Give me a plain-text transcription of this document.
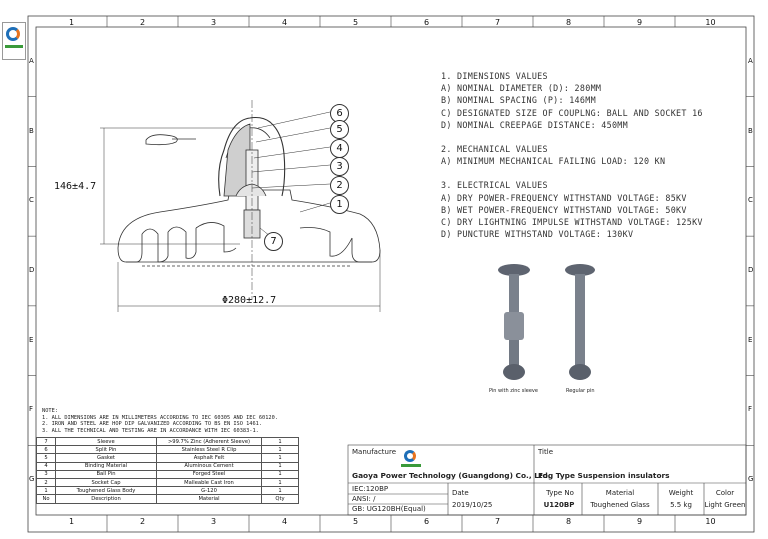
1
1
2
2
3
3
4
4
5
5
6
6
7
7
8
8
9
9
10
10
A	A
B	B
C	C
D	D
E	E
F	F
G	G
6
5
4
3
2
1
7
146±4.7
Φ280±12.7
1. DIMENSIONS VALUES
A) NOMINAL DIAMETER (D): 280MM
B) NOMINAL SPACING (P): 146MM
C) DESIGNATED SIZE OF COUPLNG: BALL AND SOCKET 16
D) NOMINAL CREEPAGE DISTANCE: 450MM
2. MECHANICAL VALUES
A) MINIMUM MECHANICAL FAILING LOAD: 120 KN
3. ELECTRICAL VALUES
A) DRY POWER-FREQUENCY WITHSTAND VOLTAGE: 85KV
B) WET POWER-FREQUENCY WITHSTAND VOLTAGE: 50KV
C) DRY LIGHTNING IMPULSE WITHSTAND VOLTAGE: 125KV
D) PUNCTURE WITHSTAND VOLTAGE: 130KV
Pin with zinc sleeve	Regular pin
NOTE:
1. ALL DIMENSIONS ARE IN MILLIMETERS ACCORDING TO IEC 60305 AND IEC 60120.
2. IRON AND STEEL ARE HOP DIP GALVANIZED ACCORDING TO BS EN ISO 1461.
3. ALL THE TECHNICAL AND TESTING ARE IN ACCORDANCE WITH IEC 60383-1.
7	Sleeve	>99.7% Zinc (Adherent Sleeve)	1
6	Split Pin	Stainless Steel R Clip	1
5	Gasket	Asphalt Felt	1
4	Binding Material	Aluminous Cement	1
3	Ball Pin	Forged Steel	1
2	Socket Cap	Malleable Cast Iron	1
1	Toughened Glass Body	G-120	1
No	Description	Material	Qty
Manufacture
Gaoya Power Technology (Guangdong) Co., Ltd.
Title
Fog Type Suspension insulators
IEC:120BP
ANSI: /
GB: UG120BH(Equal)
Date
2019/10/25
Type No
U120BP
Material
Toughened Glass
Weight
5.5 kg
Color
Light Green
